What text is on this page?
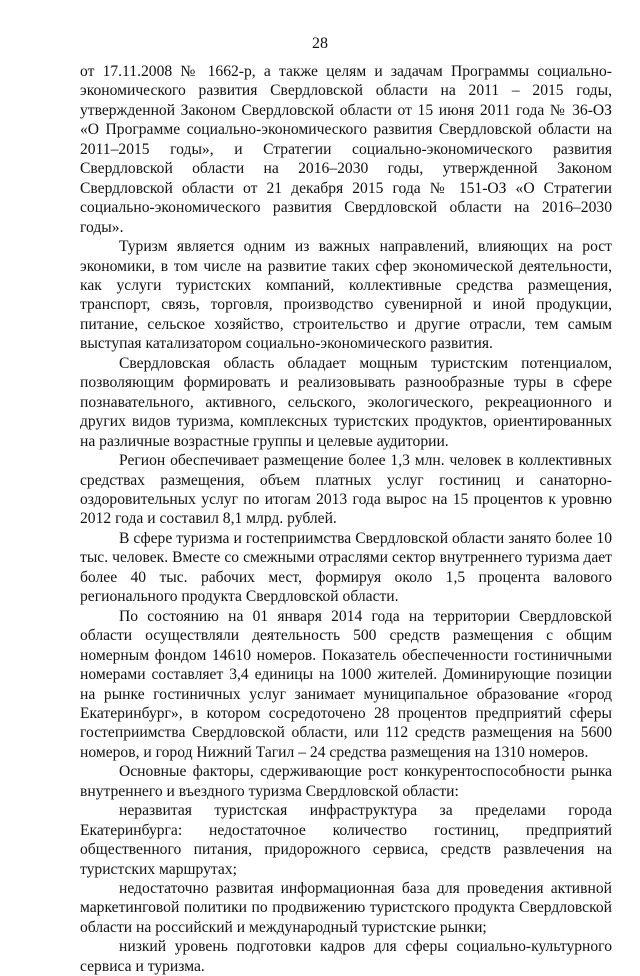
28

от 17.11.2008 № 1662-р, а также целям и задачам Программы социально-экономического развития Свердловской области на 2011 – 2015 годы, утвержденной Законом Свердловской области от 15 июня 2011 года № 36-ОЗ «О Программе социально-экономического развития Свердловской области на 2011–2015 годы», и Стратегии социально-экономического развития Свердловской области на 2016–2030 годы, утвержденной Законом Свердловской области от 21 декабря 2015 года № 151-ОЗ «О Стратегии социально-экономического развития Свердловской области на 2016–2030 годы».

Туризм является одним из важных направлений, влияющих на рост экономики, в том числе на развитие таких сфер экономической деятельности, как услуги туристских компаний, коллективные средства размещения, транспорт, связь, торговля, производство сувенирной и иной продукции, питание, сельское хозяйство, строительство и другие отрасли, тем самым выступая катализатором социально-экономического развития.

Свердловская область обладает мощным туристским потенциалом, позволяющим формировать и реализовывать разнообразные туры в сфере познавательного, активного, сельского, экологического, рекреационного и других видов туризма, комплексных туристских продуктов, ориентированных на различные возрастные группы и целевые аудитории.

Регион обеспечивает размещение более 1,3 млн. человек в коллективных средствах размещения, объем платных услуг гостиниц и санаторно-оздоровительных услуг по итогам 2013 года вырос на 15 процентов к уровню 2012 года и составил 8,1 млрд. рублей.

В сфере туризма и гостеприимства Свердловской области занято более 10 тыс. человек. Вместе со смежными отраслями сектор внутреннего туризма дает более 40 тыс. рабочих мест, формируя около 1,5 процента валового регионального продукта Свердловской области.

По состоянию на 01 января 2014 года на территории Свердловской области осуществляли деятельность 500 средств размещения с общим номерным фондом 14610 номеров. Показатель обеспеченности гостиничными номерами составляет 3,4 единицы на 1000 жителей. Доминирующие позиции на рынке гостиничных услуг занимает муниципальное образование «город Екатеринбург», в котором сосредоточено 28 процентов предприятий сферы гостеприимства Свердловской области, или 112 средств размещения на 5600 номеров, и город Нижний Тагил – 24 средства размещения на 1310 номеров.

Основные факторы, сдерживающие рост конкурентоспособности рынка внутреннего и въездного туризма Свердловской области:

неразвитая туристская инфраструктура за пределами города Екатеринбурга: недостаточное количество гостиниц, предприятий общественного питания, придорожного сервиса, средств развлечения на туристских маршрутах;

недостаточно развитая информационная база для проведения активной маркетинговой политики по продвижению туристского продукта Свердловской области на российский и международный туристские рынки;

низкий уровень подготовки кадров для сферы социально-культурного сервиса и туризма.
